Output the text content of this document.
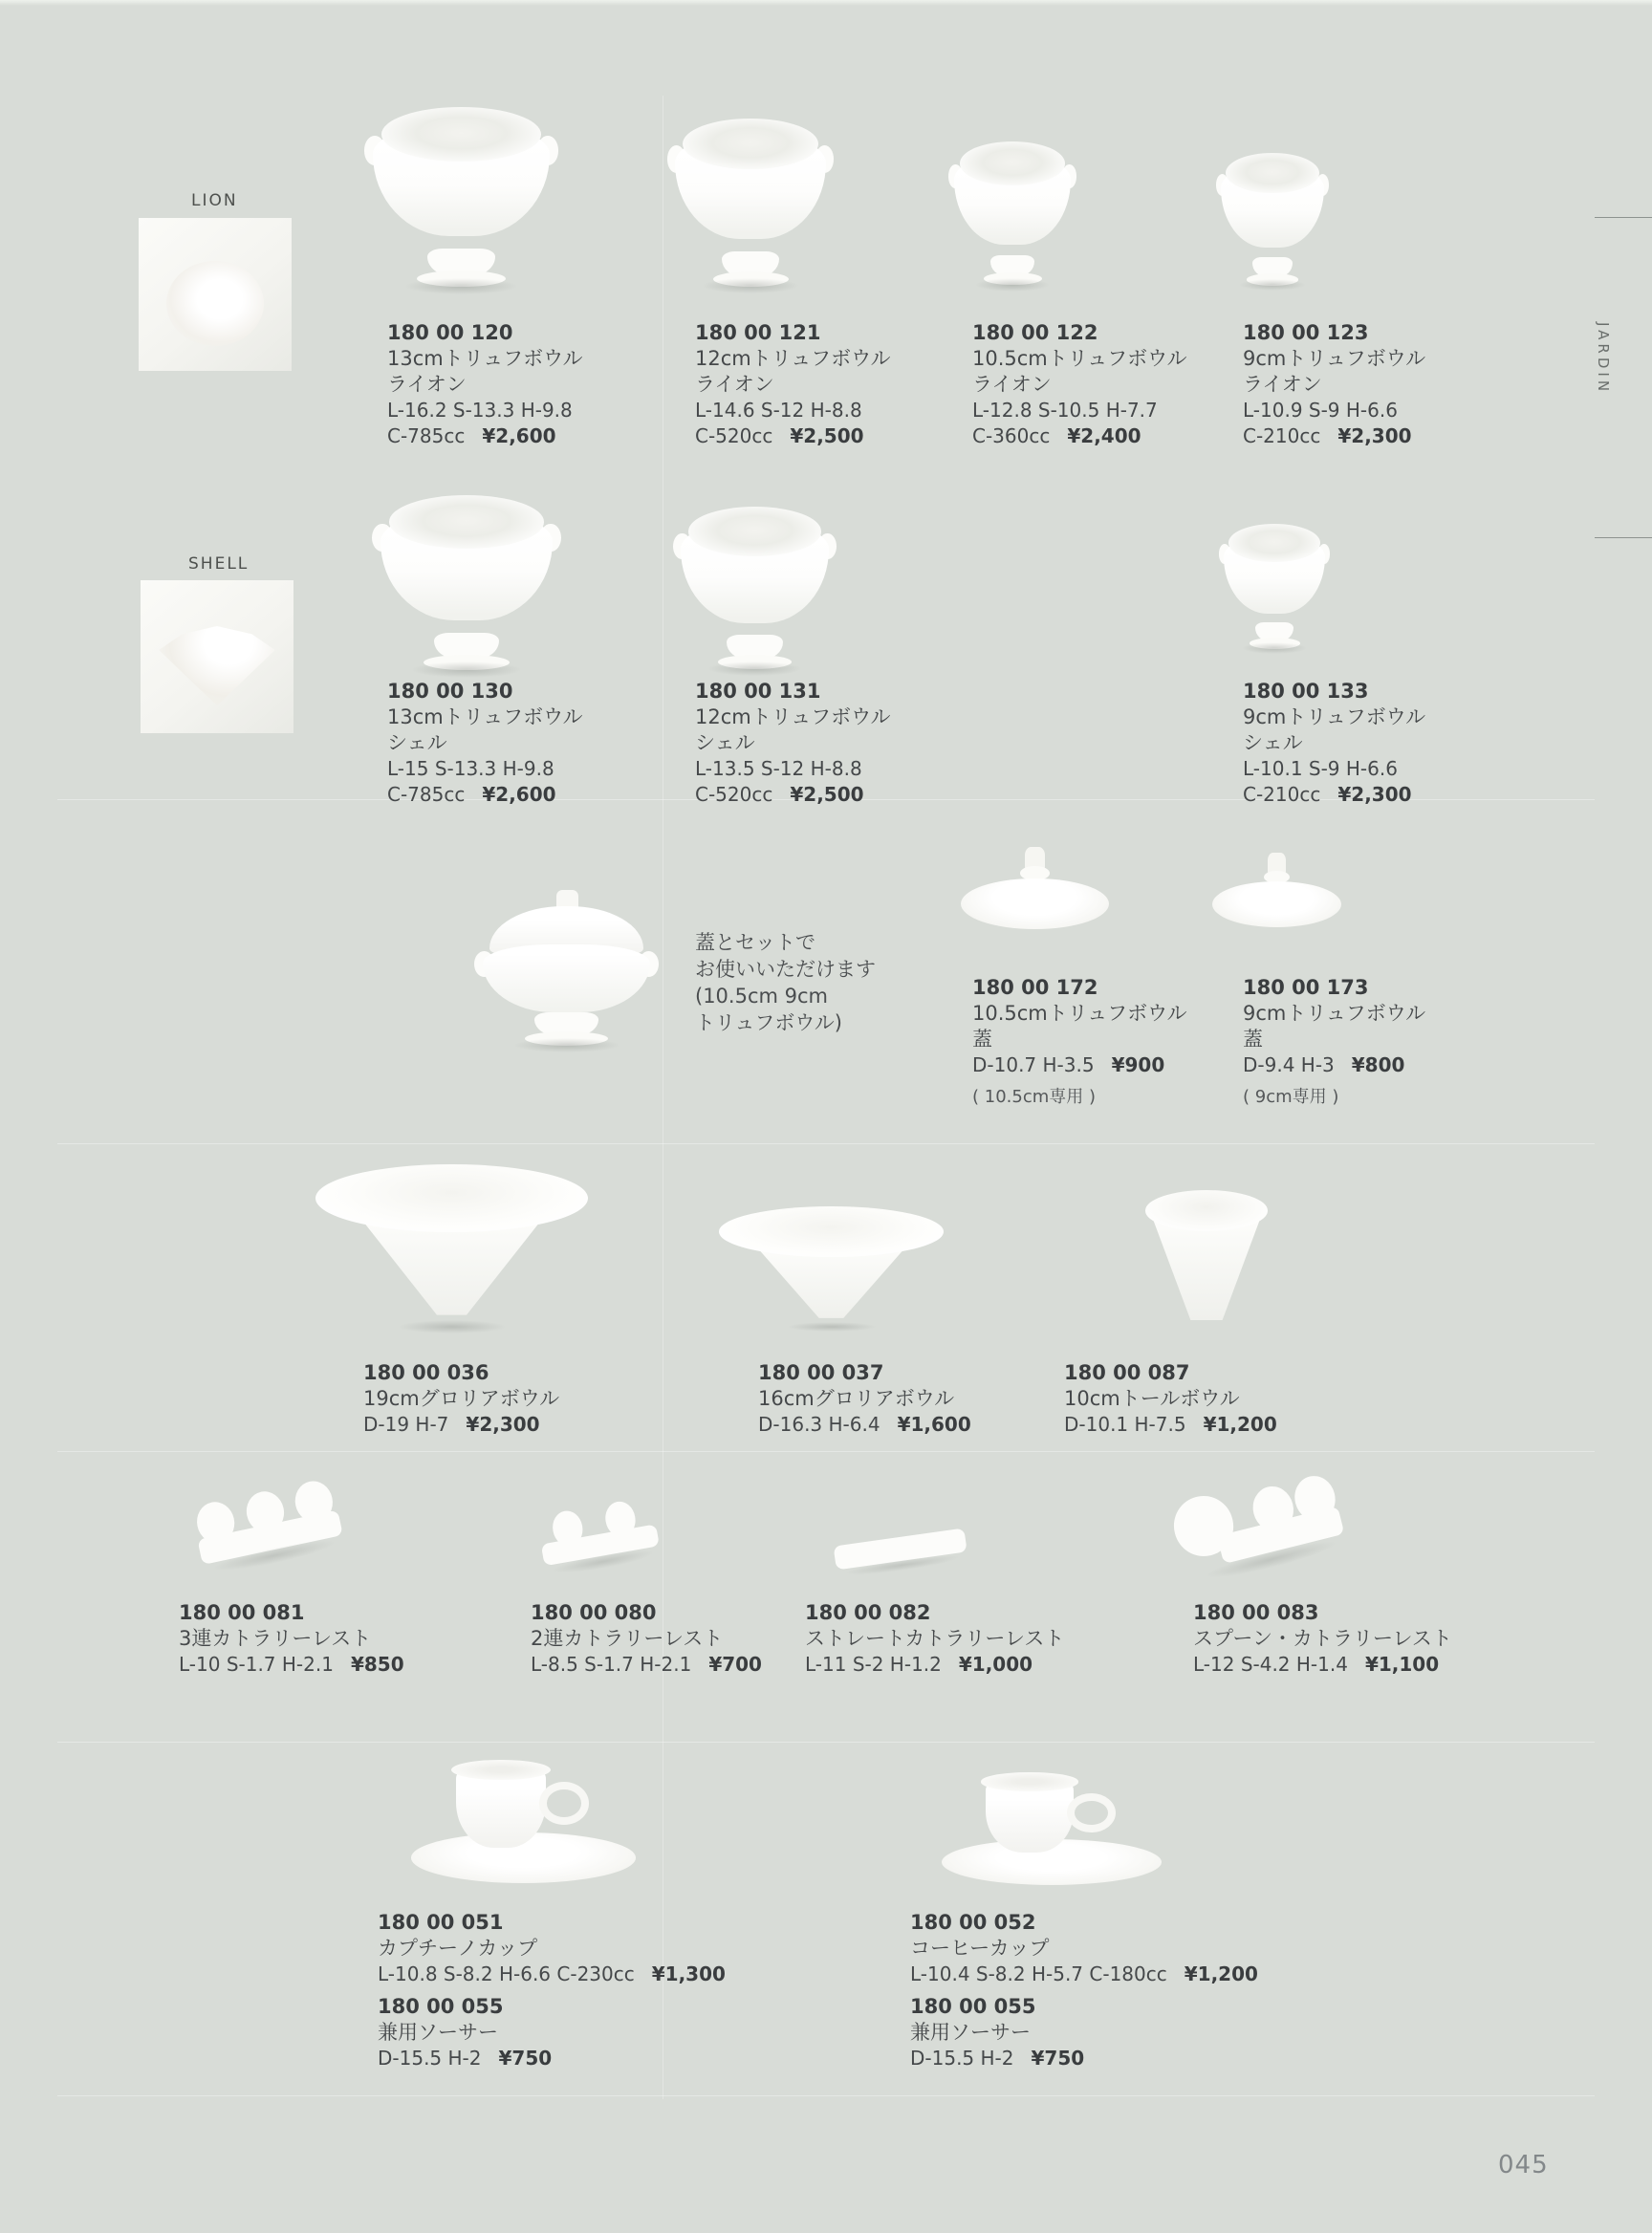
JARDIN
LION
180 00 120
13cmトリュフボウル
ライオン
L-16.2 S-13.3 H-9.8
C-785cc ¥2,600
180 00 121
12cmトリュフボウル
ライオン
L-14.6 S-12 H-8.8
C-520cc ¥2,500
180 00 122
10.5cmトリュフボウル
ライオン
L-12.8 S-10.5 H-7.7
C-360cc ¥2,400
180 00 123
9cmトリュフボウル
ライオン
L-10.9 S-9 H-6.6
C-210cc ¥2,300
SHELL
180 00 130
13cmトリュフボウル
シェル
L-15 S-13.3 H-9.8
C-785cc ¥2,600
180 00 131
12cmトリュフボウル
シェル
L-13.5 S-12 H-8.8
C-520cc ¥2,500
180 00 133
9cmトリュフボウル
シェル
L-10.1 S-9 H-6.6
C-210cc ¥2,300
蓋とセットで
お使いいただけます
(10.5cm 9cm
トリュフボウル)
180 00 172
10.5cmトリュフボウル
蓋
D-10.7 H-3.5 ¥900
( 10.5cm専用 )
180 00 173
9cmトリュフボウル
蓋
D-9.4 H-3 ¥800
( 9cm専用 )
180 00 036
19cmグロリアボウル
D-19 H-7 ¥2,300
180 00 037
16cmグロリアボウル
D-16.3 H-6.4 ¥1,600
180 00 087
10cmトールボウル
D-10.1 H-7.5 ¥1,200
180 00 081
3連カトラリーレスト
L-10 S-1.7 H-2.1 ¥850
180 00 080
2連カトラリーレスト
L-8.5 S-1.7 H-2.1 ¥700
180 00 082
ストレートカトラリーレスト
L-11 S-2 H-1.2 ¥1,000
180 00 083
スプーン・カトラリーレスト
L-12 S-4.2 H-1.4 ¥1,100
180 00 051
カプチーノカップ
L-10.8 S-8.2 H-6.6 C-230cc ¥1,300
180 00 055
兼用ソーサー
D-15.5 H-2 ¥750
180 00 052
コーヒーカップ
L-10.4 S-8.2 H-5.7 C-180cc ¥1,200
180 00 055
兼用ソーサー
D-15.5 H-2 ¥750
045
